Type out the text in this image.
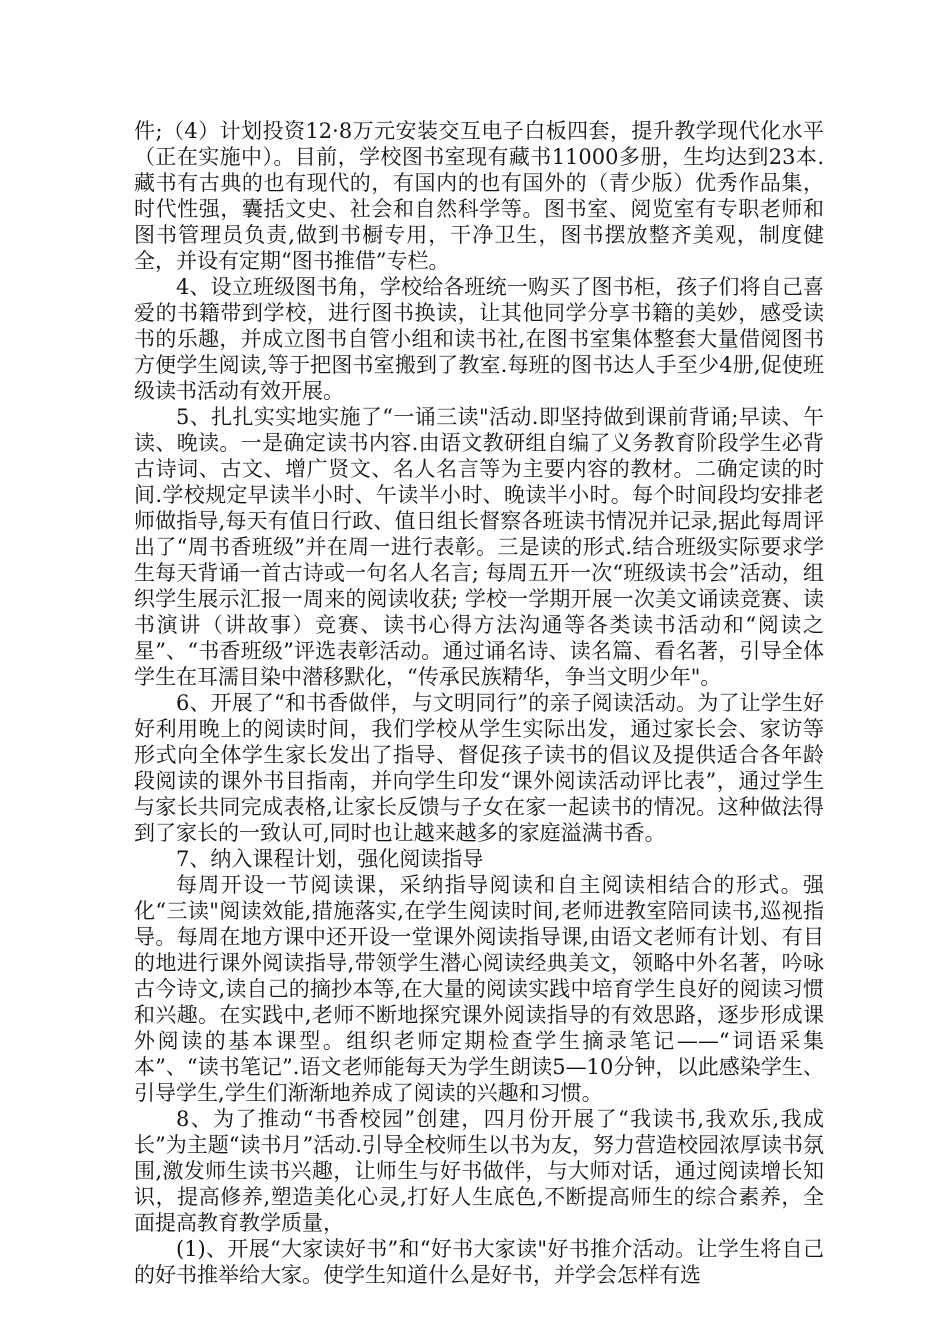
件;（4）计划投资12·8万元安装交互电子白板四套，提升教学现代化水平（正在实施中）。目前，学校图书室现有藏书11000多册，生均达到23本.藏书有古典的也有现代的，有国内的也有国外的（青少版）优秀作品集，时代性强，囊括文史、社会和自然科学等。图书室、阅览室有专职老师和图书管理员负责,做到书橱专用，干净卫生，图书摆放整齐美观，制度健全，并设有定期“图书推借”专栏。

4、设立班级图书角，学校给各班统一购买了图书柜，孩子们将自己喜爱的书籍带到学校，进行图书换读，让其他同学分享书籍的美妙，感受读书的乐趣，并成立图书自管小组和读书社,在图书室集体整套大量借阅图书方便学生阅读,等于把图书室搬到了教室.每班的图书达人手至少4册,促使班级读书活动有效开展。

5、扎扎实实地实施了“一诵三读"活动.即坚持做到课前背诵;早读、午读、晚读。一是确定读书内容.由语文教研组自编了义务教育阶段学生必背古诗词、古文、增广贤文、名人名言等为主要内容的教材。二确定读的时间.学校规定早读半小时、午读半小时、晚读半小时。每个时间段均安排老师做指导,每天有值日行政、值日组长督察各班读书情况并记录,据此每周评出了“周书香班级”并在周一进行表彰。三是读的形式.结合班级实际要求学生每天背诵一首古诗或一句名人名言; 每周五开一次“班级读书会”活动，组织学生展示汇报一周来的阅读收获; 学校一学期开展一次美文诵读竞赛、读书演讲（讲故事）竞赛、读书心得方法沟通等各类读书活动和“阅读之星”、“书香班级”评选表彰活动。通过诵名诗、读名篇、看名著，引导全体学生在耳濡目染中潜移默化，“传承民族精华，争当文明少年"。

6、开展了“和书香做伴，与文明同行”的亲子阅读活动。为了让学生好好利用晚上的阅读时间，我们学校从学生实际出发，通过家长会、家访等形式向全体学生家长发出了指导、督促孩子读书的倡议及提供适合各年龄段阅读的课外书目指南，并向学生印发“课外阅读活动评比表”，通过学生与家长共同完成表格,让家长反馈与子女在家一起读书的情况。这种做法得到了家长的一致认可,同时也让越来越多的家庭溢满书香。

7、纳入课程计划，强化阅读指导

每周开设一节阅读课，采纳指导阅读和自主阅读相结合的形式。强化“三读"阅读效能,措施落实,在学生阅读时间,老师进教室陪同读书,巡视指导。每周在地方课中还开设一堂课外阅读指导课,由语文老师有计划、有目的地进行课外阅读指导,带领学生潜心阅读经典美文，领略中外名著，吟咏古今诗文,读自己的摘抄本等,在大量的阅读实践中培育学生良好的阅读习惯和兴趣。在实践中,老师不断地探究课外阅读指导的有效思路，逐步形成课外阅读的基本课型。组织老师定期检查学生摘录笔记——“词语采集本”、“读书笔记”.语文老师能每天为学生朗读5—10分钟，以此感染学生、引导学生,学生们渐渐地养成了阅读的兴趣和习惯。

8、为了推动“书香校园”创建，四月份开展了“我读书,我欢乐,我成长”为主题“读书月”活动.引导全校师生以书为友，努力营造校园浓厚读书氛围,激发师生读书兴趣，让师生与好书做伴，与大师对话，通过阅读增长知识，提高修养,塑造美化心灵,打好人生底色,不断提高师生的综合素养，全面提高教育教学质量，

(1)、开展“大家读好书”和“好书大家读"好书推介活动。让学生将自己的好书推举给大家。使学生知道什么是好书，并学会怎样有选
